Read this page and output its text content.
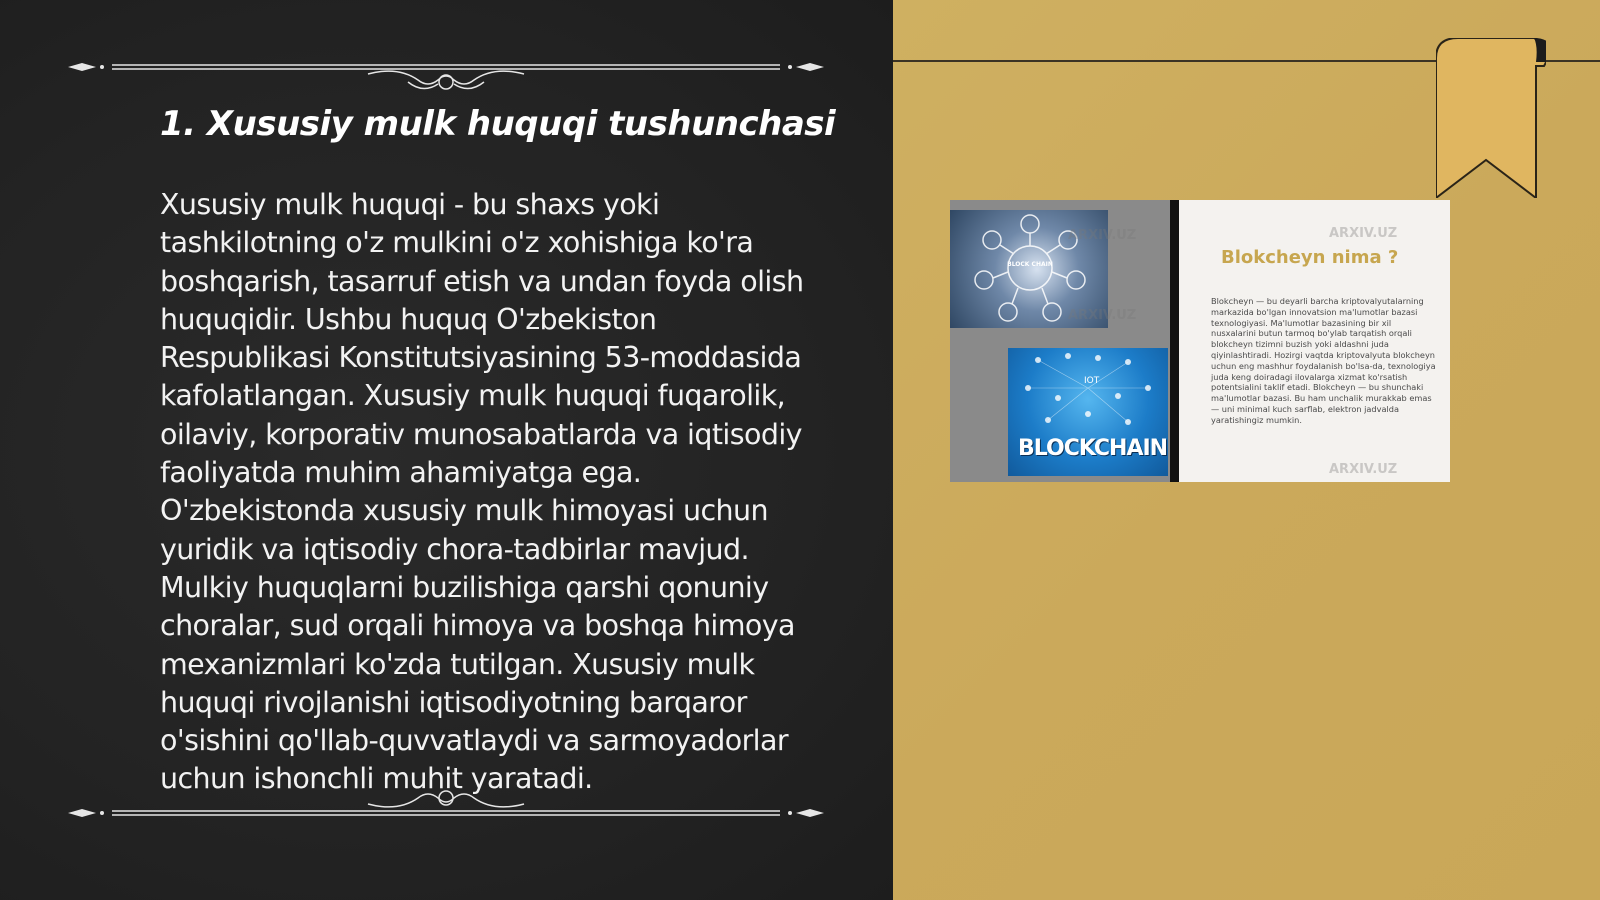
1. Xususiy mulk huquqi tushunchasi

Xususiy mulk huquqi - bu shaxs yoki tashkilotning o'z mulkini o'z xohishiga ko'ra boshqarish, tasarruf etish va undan foyda olish huquqidir. Ushbu huquq O'zbekiston Respublikasi Konstitutsiyasining 53-moddasida kafolatlangan. Xususiy mulk huquqi fuqarolik, oilaviy, korporativ munosabatlarda va iqtisodiy faoliyatda muhim ahamiyatga ega. O'zbekistonda xususiy mulk himoyasi uchun yuridik va iqtisodiy chora-tadbirlar mavjud. Mulkiy huquqlarni buzilishiga qarshi qonuniy choralar, sud orqali himoya va boshqa himoya mexanizmlari ko'zda tutilgan. Xususiy mulk huquqi rivojlanishi iqtisodiyotning barqaror o'sishini qo'llab-quvvatlaydi va sarmoyadorlar uchun ishonchli muhit yaratadi.

BLOCK CHAIN
IOT
BLOCKCHAIN
ARXIV.UZ
ARXIV.UZ
ARXIV.UZ
Blokcheyn nima ?
Blokcheyn — bu deyarli barcha kriptovalyutalarning markazida bo'lgan innovatsion ma'lumotlar bazasi texnologiyasi. Ma'lumotlar bazasining bir xil nusxalarini butun tarmoq bo'ylab tarqatish orqali blokcheyn tizimni buzish yoki aldashni juda qiyinlashtiradi. Hozirgi vaqtda kriptovalyuta blokcheyn uchun eng mashhur foydalanish bo'lsa-da, texnologiya juda keng doiradagi ilovalarga xizmat ko'rsatish potentsialini taklif etadi. Blokcheyn — bu shunchaki ma'lumotlar bazasi. Bu ham unchalik murakkab emas — uni minimal kuch sarflab, elektron jadvalda yaratishingiz mumkin.
ARXIV.UZ
